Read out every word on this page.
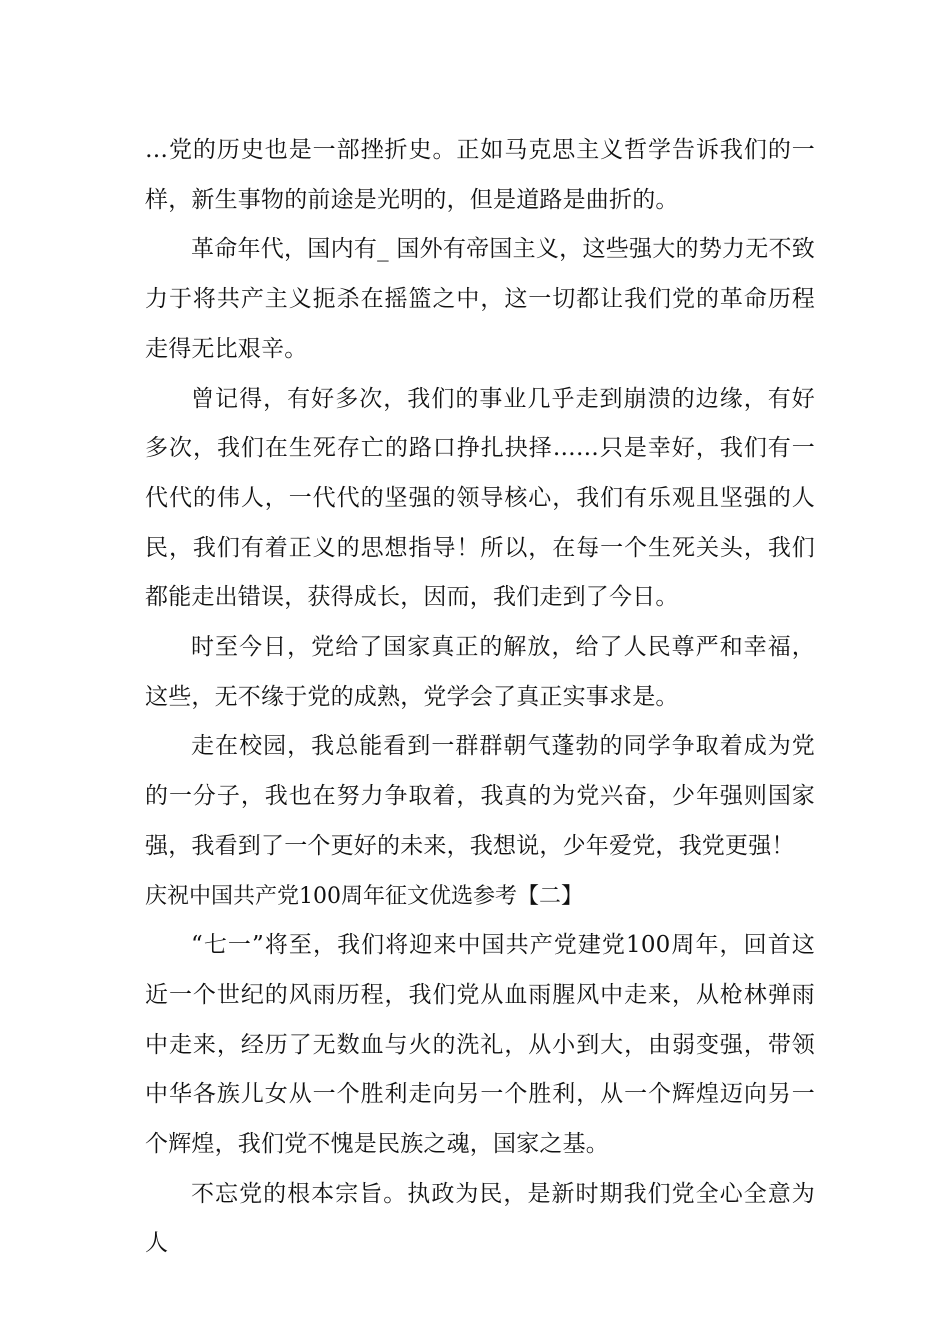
…党的历史也是一部挫折史。正如马克思主义哲学告诉我们的一样，新生事物的前途是光明的，但是道路是曲折的。

革命年代，国内有_ 国外有帝国主义，这些强大的势力无不致力于将共产主义扼杀在摇篮之中，这一切都让我们党的革命历程走得无比艰辛。

曾记得，有好多次，我们的事业几乎走到崩溃的边缘，有好多次，我们在生死存亡的路口挣扎抉择……只是幸好，我们有一代代的伟人，一代代的坚强的领导核心，我们有乐观且坚强的人民，我们有着正义的思想指导！所以，在每一个生死关头，我们都能走出错误，获得成长，因而，我们走到了今日。

时至今日，党给了国家真正的解放，给了人民尊严和幸福，这些，无不缘于党的成熟，党学会了真正实事求是。

走在校园，我总能看到一群群朝气蓬勃的同学争取着成为党的一分子，我也在努力争取着，我真的为党兴奋，少年强则国家强，我看到了一个更好的未来，我想说，少年爱党，我党更强！

庆祝中国共产党100周年征文优选参考【二】

“七一”将至，我们将迎来中国共产党建党100周年，回首这近一个世纪的风雨历程，我们党从血雨腥风中走来，从枪林弹雨中走来，经历了无数血与火的洗礼，从小到大，由弱变强，带领中华各族儿女从一个胜利走向另一个胜利，从一个辉煌迈向另一个辉煌，我们党不愧是民族之魂，国家之基。

不忘党的根本宗旨。执政为民，是新时期我们党全心全意为人
